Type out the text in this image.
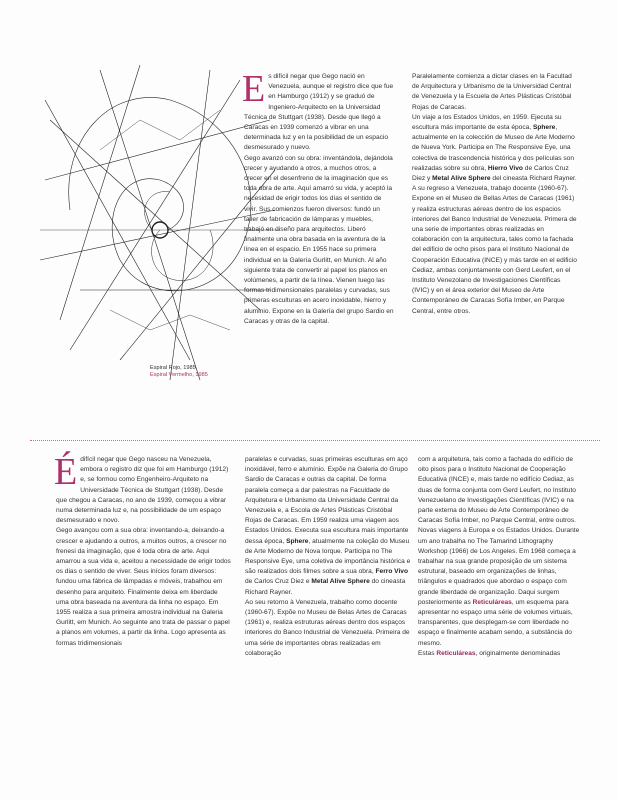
Espiral Rojo, 1985
Espiral Vermelho, 1985
E s difícil negar que Gego nació en Venezuela, aunque el registro dice que fue en Hamburgo (1912) y se graduó de Ingeniero-Arquitecto en la Universidad Técnica de Stuttgart (1938). Desde que llegó a Caracas en 1939 comenzó a vibrar en una determinada luz y en la posibilidad de un espacio desmesurado y nuevo.

Gego avanzó con su obra: inventándola, dejándola crecer y ayudando a otros, a muchos otros, a crecer en el desenfreno de la imaginación que es toda obra de arte. Aquí amarró su vida, y aceptó la necesidad de erigir todos los días el sentido de vivir. Sus comienzos fueron diversos: fundó un taller de fabricación de lámparas y muebles, trabajó en diseño para arquitectos. Liberó finalmente una obra basada en la aventura de la línea en el espacio. En 1955 hace su primera individual en la Galería Gurlitt, en Munich. Al año siguiente trata de convertir al papel los planos en volúmenes, a partir de la línea. Vienen luego las formas tridimensionales paralelas y curvadas, sus primeras esculturas en acero inoxidable, hierro y aluminio. Expone en la Galería del grupo Sardio en Caracas y otras de la capital.

Paralelamente comienza a dictar clases en la Facultad de Arquitectura y Urbanismo de la Universidad Central de Venezuela y la Escuela de Artes Plásticas Cristóbal Rojas de Caracas.

Un viaje a los Estados Unidos, en 1959. Ejecuta su escultura más importante de esta época, Sphere, actualmente en la colección de Museo de Arte Moderno de Nueva York. Participa en The Responsive Eye, una colectiva de trascendencia histórica y dos películas son realizadas sobre su obra, Hierro Vivo de Carlos Cruz Diez y Metal Alive Sphere del cineasta Richard Rayner.

A su regreso a Venezuela, trabajo docente (1960-67). Expone en el Museo de Bellas Artes de Caracas (1961) y realiza estructuras aéreas dentro de los espacios interiores del Banco Industrial de Venezuela. Primera de una serie de importantes obras realizadas en colaboración con la arquitectura, tales como la fachada del edificio de ocho pisos para el Instituto Nacional de Cooperación Educativa (INCE) y más tarde en el edificio Cediaz, ambas conjuntamente con Gerd Leufert, en el Instituto Venezolano de Investigaciones Científicas (IVIC) y en el área exterior del Museo de Arte Contemporáneo de Caracas Sofía Imber, en Parque Central, entre otros.

É difícil negar que Gego nasceu na Venezuela, embora o registro diz que foi em Hamburgo (1912) e, se formou como Engenheiro-Arquiteto na Universidade Técnica de Stuttgart (1938). Desde que chegou a Caracas, no ano de 1939, começou a vibrar numa determinada luz e, na possibilidade de um espaço desmesurado e novo.

Gego avançou com a sua obra: inventando-a, deixando-a crescer e ajudando a outros, a muitos outros, a crescer no frenesi da imaginação, que é toda obra de arte. Aqui amarrou a sua vida e, aceitou a necessidade de erigir todos os dias o sentido de viver. Seus inícios foram diversos: fundou uma fábrica de lâmpadas e móveis, trabalhou em desenho para arquiteto. Finalmente deixa em liberdade uma obra baseada na aventura da linha no espaço. Em 1955 realiza a sua primeira amostra individual na Galeria Gurlitt, em Munich. Ao seguinte ano trata de passar o papel a planos em volumes, a partir da linha. Logo apresenta as formas tridimensionais

paralelas e curvadas, suas primeiras esculturas em aço inoxidável, ferro e alumínio. Expõe na Galeria do Grupo Sardio de Caracas e outras da capital. De forma paralela começa a dar palestras na Faculdade de Arquitetura e Urbanismo da Universidade Central da Venezuela e, a Escola de Artes Plásticas Cristóbal Rojas de Caracas. Em 1959 realiza uma viagem aos Estados Unidos. Executa sua escultura mais importante dessa época, Sphere, atualmente na coleção do Museu de Arte Moderno de Nova Iorque. Participa no The Responsive Eye, uma coletiva de importância histórica e são realizados dois filmes sobre a sua obra, Ferro Vivo de Carlos Cruz Diez e Metal Alive Sphere do cineasta Richard Rayner.

Ao seu retorno à Venezuela, trabalho como docente (1960-67). Expõe no Museu de Belas Artes de Caracas (1961) e, realiza estruturas aéreas dentro dos espaços interiores do Banco Industrial de Venezuela. Primeira de uma série de importantes obras realizadas em colaboração

com a arquitetura, tais como a fachada do edifício de oito pisos para o Instituto Nacional de Cooperação Educativa (INCE) e, mais tarde no edifício Cediaz, as duas de forma conjunta com Gerd Leufert, no Instituto Venezuelano de Investigações Científicas (IVIC) e na parte externa do Museu de Arte Contemporâneo de Caracas Sofía Imber, no Parque Central, entre outros.

Novas viagens à Europa e os Estados Unidos. Durante um ano trabalha no The Tamarind Lithography Workshop (1966) de Los Angeles. Em 1968 começa a trabalhar na sua grande proposição de um sistema estrutural, baseado em organizações de linhas, triângulos e quadrados que abordao o espaço com grande liberdade de organização. Daqui surgem posteriormente as Reticuláreas, um esquema para apresentar no espaço uma série de volumes virtuais, transparentes, que desplegam-se com liberdade no espaço e finalmente acabam sendo, a substância do mesmo.

Estas Reticuláreas, originalmente denominadas
